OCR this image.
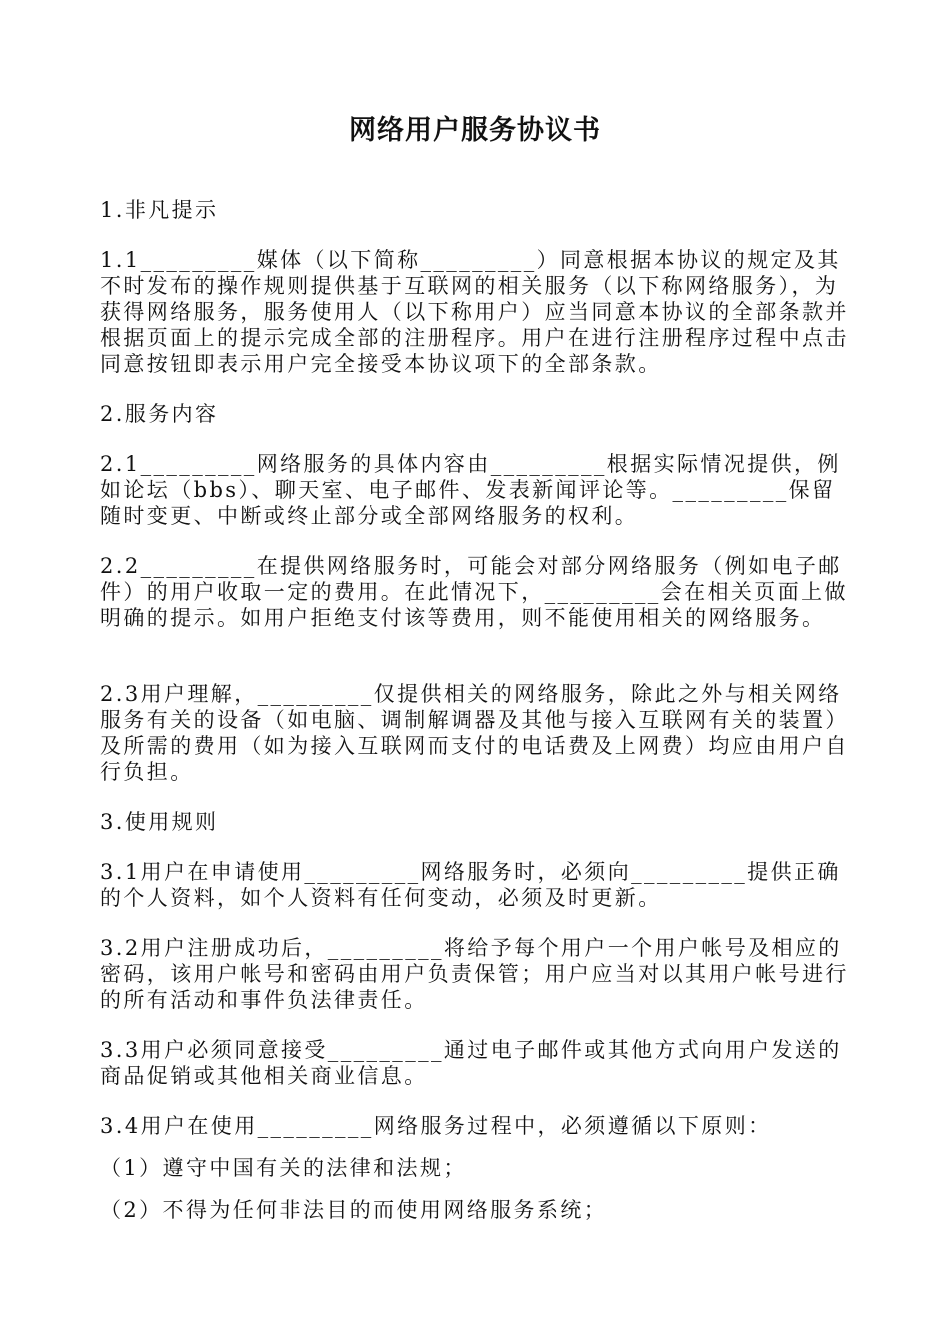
网络用户服务协议书

1.非凡提示

1.1_________媒体（以下简称_________）同意根据本协议的规定及其不时发布的操作规则提供基于互联网的相关服务（以下称网络服务），为获得网络服务，服务使用人（以下称用户）应当同意本协议的全部条款并根据页面上的提示完成全部的注册程序。用户在进行注册程序过程中点击同意按钮即表示用户完全接受本协议项下的全部条款。

2.服务内容

2.1_________网络服务的具体内容由_________根据实际情况提供，例如论坛（bbs）、聊天室、电子邮件、发表新闻评论等。_________保留随时变更、中断或终止部分或全部网络服务的权利。

2.2_________在提供网络服务时，可能会对部分网络服务（例如电子邮件）的用户收取一定的费用。在此情况下，_________会在相关页面上做明确的提示。如用户拒绝支付该等费用，则不能使用相关的网络服务。

2.3用户理解，_________仅提供相关的网络服务，除此之外与相关网络服务有关的设备（如电脑、调制解调器及其他与接入互联网有关的装置）及所需的费用（如为接入互联网而支付的电话费及上网费）均应由用户自行负担。

3.使用规则

3.1用户在申请使用_________网络服务时，必须向_________提供正确的个人资料，如个人资料有任何变动，必须及时更新。

3.2用户注册成功后，_________将给予每个用户一个用户帐号及相应的密码，该用户帐号和密码由用户负责保管；用户应当对以其用户帐号进行的所有活动和事件负法律责任。

3.3用户必须同意接受_________通过电子邮件或其他方式向用户发送的商品促销或其他相关商业信息。

3.4用户在使用_________网络服务过程中，必须遵循以下原则：

（1）遵守中国有关的法律和法规；

（2）不得为任何非法目的而使用网络服务系统；
